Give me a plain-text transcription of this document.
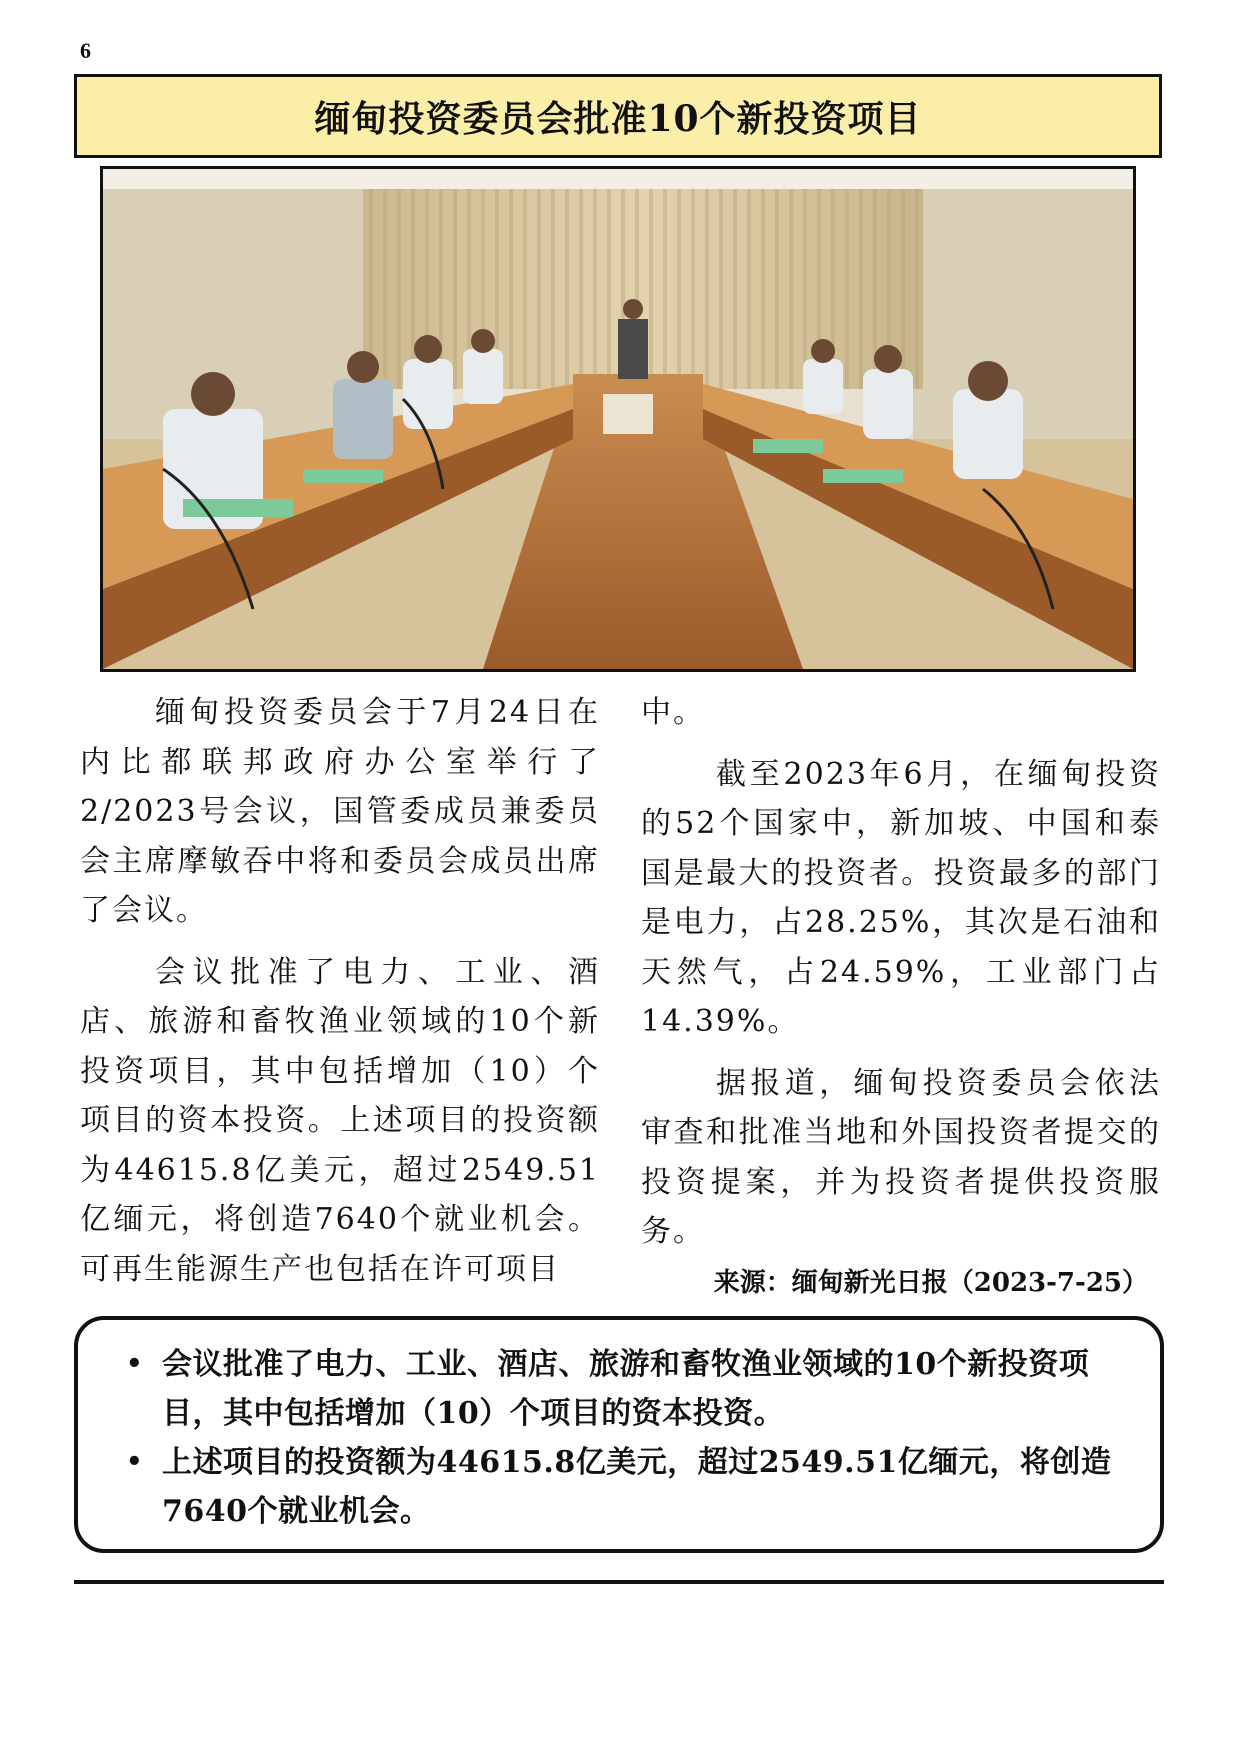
6
缅甸投资委员会批准10个新投资项目

缅甸投资委员会于7月24日在内比都联邦政府办公室举行了2/2023号会议，国管委成员兼委员会主席摩敏吞中将和委员会成员出席了会议。

会议批准了电力、工业、酒店、旅游和畜牧渔业领域的10个新投资项目，其中包括增加（10）个项目的资本投资。上述项目的投资额为44615.8亿美元，超过2549.51亿缅元，将创造7640个就业机会。可再生能源生产也包括在许可项目

中。

截至2023年6月，在缅甸投资的52个国家中，新加坡、中国和泰国是最大的投资者。投资最多的部门是电力，占28.25%，其次是石油和天然气，占24.59%，工业部门占14.39%。

据报道，缅甸投资委员会依法审查和批准当地和外国投资者提交的投资提案，并为投资者提供投资服务。

来源：缅甸新光日报（2023-7-25）
• 会议批准了电力、工业、酒店、旅游和畜牧渔业领域的10个新投资项目，其中包括增加（10）个项目的资本投资。
• 上述项目的投资额为44615.8亿美元，超过2549.51亿缅元，将创造7640个就业机会。
